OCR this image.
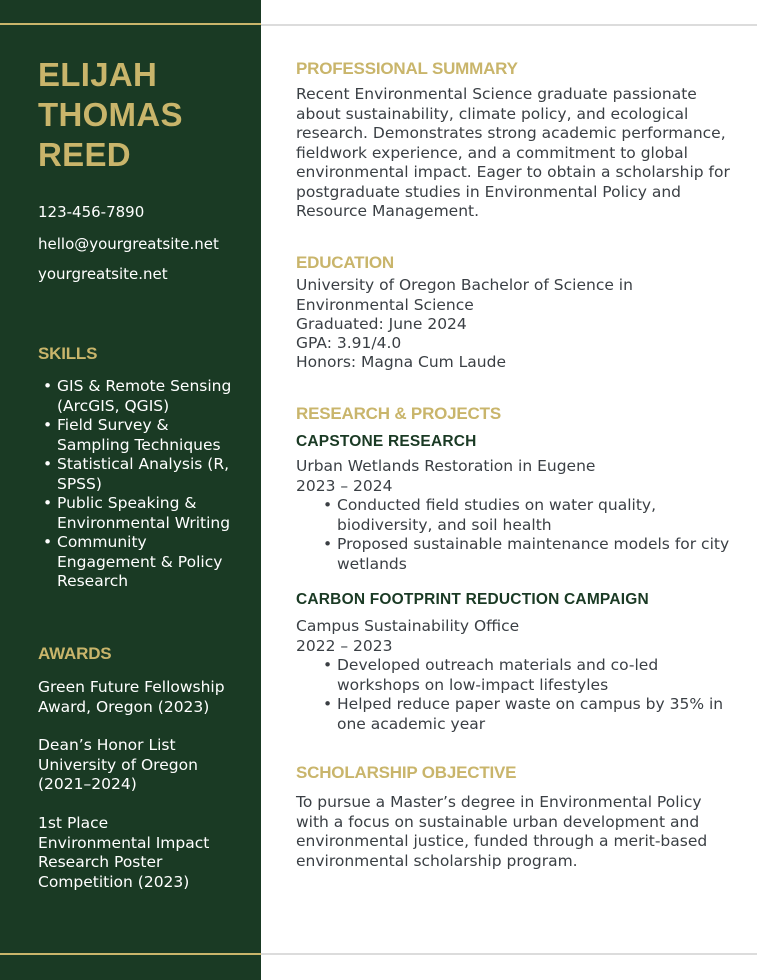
ELIJAH
THOMAS
REED
123-456-7890
hello@yourgreatsite.net
yourgreatsite.net
SKILLS
• GIS & Remote Sensing (ArcGIS, QGIS)
• Field Survey & Sampling Techniques
• Statistical Analysis (R, SPSS)
• Public Speaking & Environmental Writing
• Community Engagement & Policy Research
AWARDS
Green Future Fellowship
Award, Oregon (2023)
Dean’s Honor List
University of Oregon
(2021–2024)
1st Place
Environmental Impact
Research Poster
Competition (2023)
PROFESSIONAL SUMMARY
Recent Environmental Science graduate passionate about sustainability, climate policy, and ecological research. Demonstrates strong academic performance, fieldwork experience, and a commitment to global environmental impact. Eager to obtain a scholarship for postgraduate studies in Environmental Policy and Resource Management.
EDUCATION
University of Oregon Bachelor of Science in Environmental Science
Graduated: June 2024
GPA: 3.91/4.0
Honors: Magna Cum Laude
RESEARCH & PROJECTS
CAPSTONE RESEARCH
Urban Wetlands Restoration in Eugene
2023 – 2024
• Conducted field studies on water quality, biodiversity, and soil health
• Proposed sustainable maintenance models for city wetlands
CARBON FOOTPRINT REDUCTION CAMPAIGN
Campus Sustainability Office
2022 – 2023
• Developed outreach materials and co-led workshops on low-impact lifestyles
• Helped reduce paper waste on campus by 35% in one academic year
SCHOLARSHIP OBJECTIVE
To pursue a Master’s degree in Environmental Policy with a focus on sustainable urban development and environmental justice, funded through a merit-based environmental scholarship program.
